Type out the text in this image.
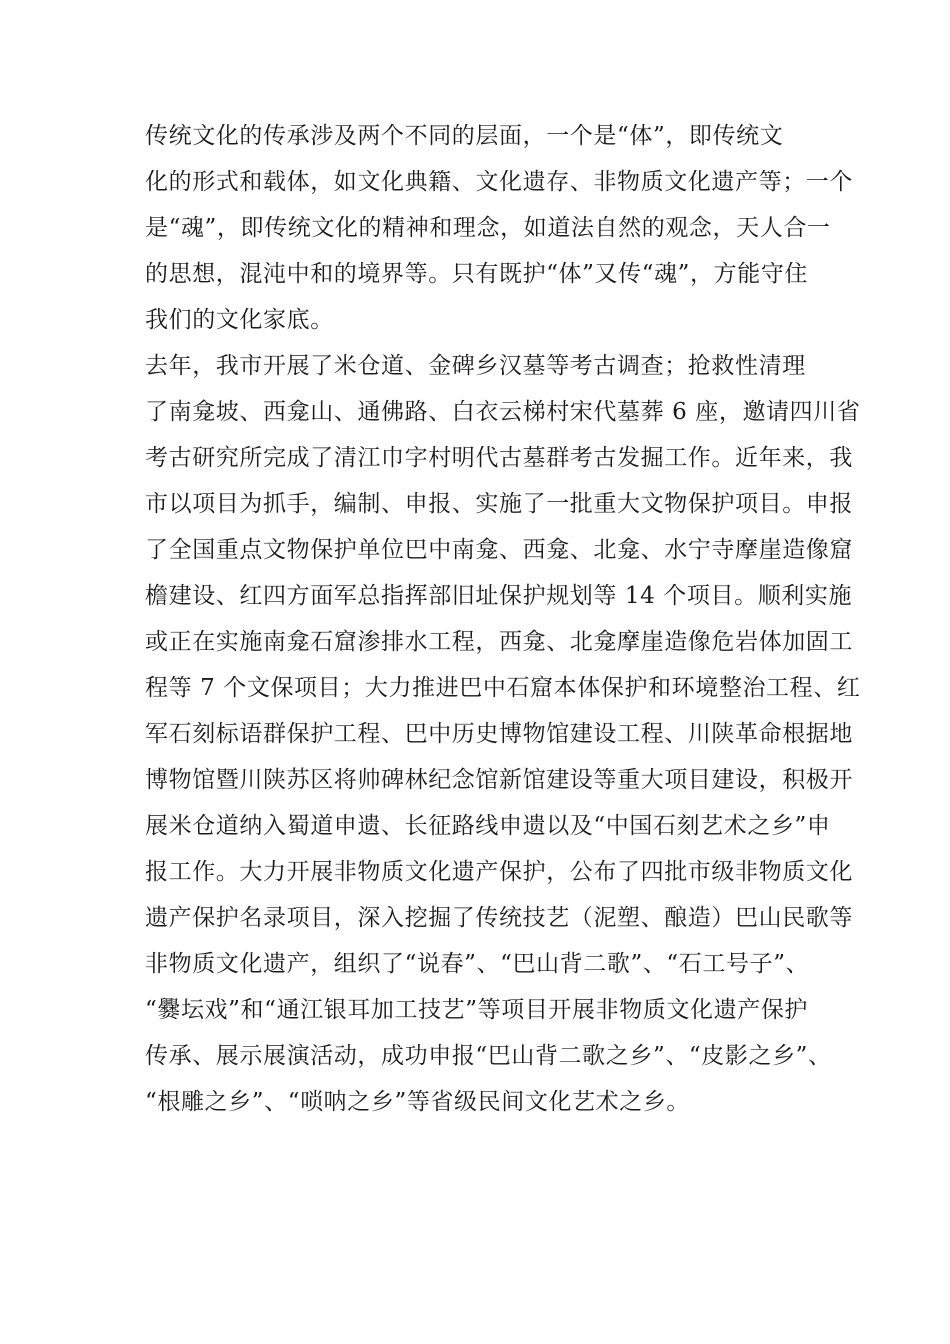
传统文化的传承涉及两个不同的层面，一个是“体”，即传统文
化的形式和载体，如文化典籍、文化遗存、非物质文化遗产等；一个
是“魂”，即传统文化的精神和理念，如道法自然的观念，天人合一
的思想，混沌中和的境界等。只有既护“体”又传“魂”，方能守住
我们的文化家底。
去年，我市开展了米仓道、金碑乡汉墓等考古调查；抢救性清理
了南龛坡、西龛山、通佛路、白衣云梯村宋代墓葬 6 座，邀请四川省
考古研究所完成了清江巾字村明代古墓群考古发掘工作。近年来，我
市以项目为抓手，编制、申报、实施了一批重大文物保护项目。申报
了全国重点文物保护单位巴中南龛、西龛、北龛、水宁寺摩崖造像窟
檐建设、红四方面军总指挥部旧址保护规划等 14 个项目。顺利实施
或正在实施南龛石窟渗排水工程，西龛、北龛摩崖造像危岩体加固工
程等 7 个文保项目；大力推进巴中石窟本体保护和环境整治工程、红
军石刻标语群保护工程、巴中历史博物馆建设工程、川陕革命根据地
博物馆暨川陕苏区将帅碑林纪念馆新馆建设等重大项目建设，积极开
展米仓道纳入蜀道申遗、长征路线申遗以及“中国石刻艺术之乡”申
报工作。大力开展非物质文化遗产保护，公布了四批市级非物质文化
遗产保护名录项目，深入挖掘了传统技艺（泥塑、酿造）巴山民歌等
非物质文化遗产，组织了“说春”、“巴山背二歌”、“石工号子”、
“爨坛戏”和“通江银耳加工技艺”等项目开展非物质文化遗产保护
传承、展示展演活动，成功申报“巴山背二歌之乡”、“皮影之乡”、
“根雕之乡”、“唢呐之乡”等省级民间文化艺术之乡。
